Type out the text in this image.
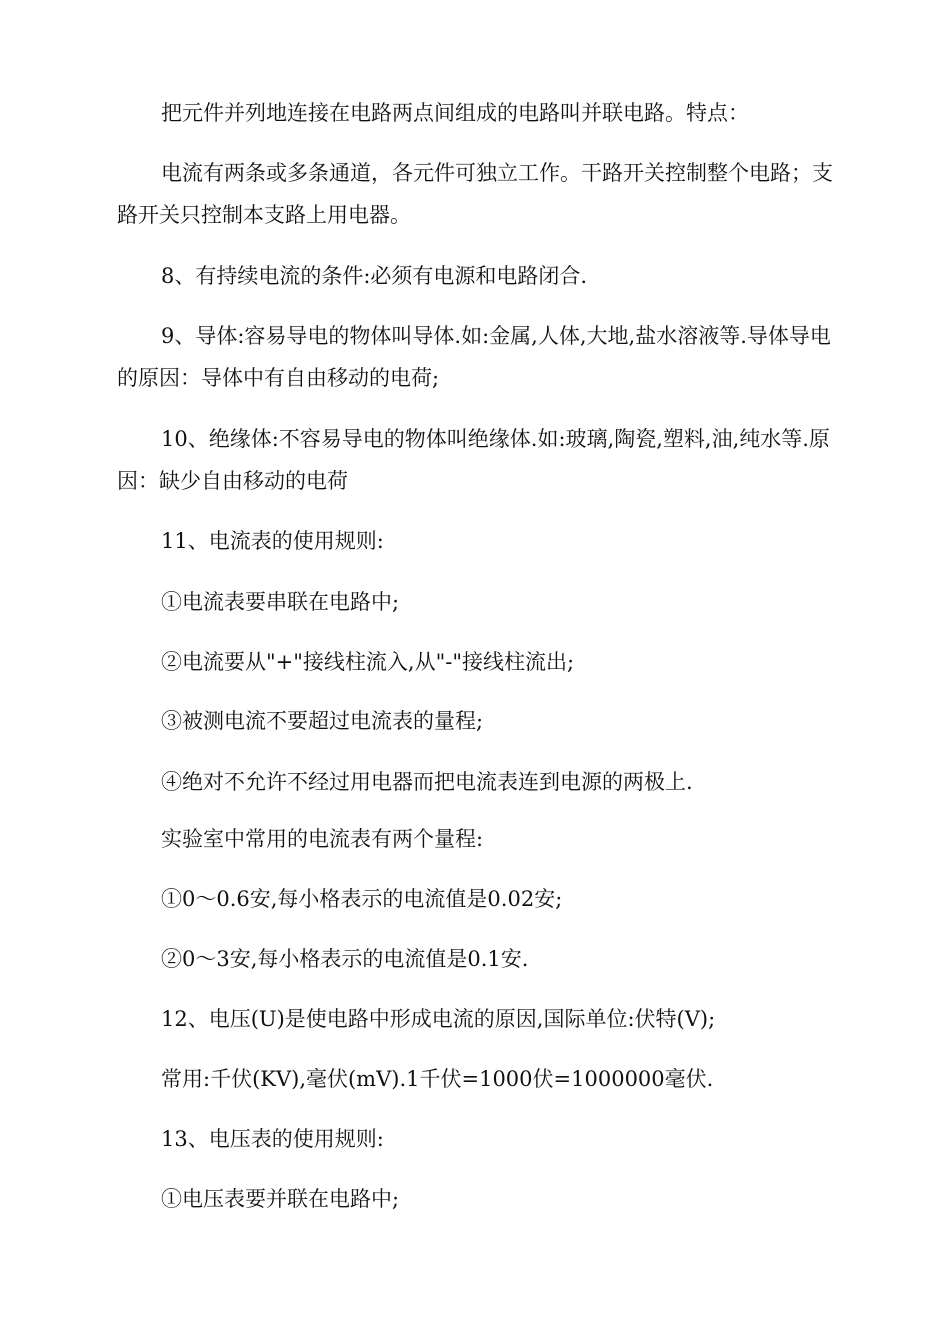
把元件并列地连接在电路两点间组成的电路叫并联电路。特点：

电流有两条或多条通道，各元件可独立工作。干路开关控制整个电路；支路开关只控制本支路上用电器。

8、有持续电流的条件:必须有电源和电路闭合.

9、导体:容易导电的物体叫导体.如:金属,人体,大地,盐水溶液等.导体导电的原因：导体中有自由移动的电荷;

10、绝缘体:不容易导电的物体叫绝缘体.如:玻璃,陶瓷,塑料,油,纯水等.原因：缺少自由移动的电荷

11、电流表的使用规则:

①电流表要串联在电路中;

②电流要从"+"接线柱流入,从"-"接线柱流出;

③被测电流不要超过电流表的量程;

④绝对不允许不经过用电器而把电流表连到电源的两极上.

实验室中常用的电流表有两个量程:

①0～0.6安,每小格表示的电流值是0.02安;

②0～3安,每小格表示的电流值是0.1安.

12、电压(U)是使电路中形成电流的原因,国际单位:伏特(V);

常用:千伏(KV),毫伏(mV).1千伏=1000伏=1000000毫伏.

13、电压表的使用规则:

①电压表要并联在电路中;
